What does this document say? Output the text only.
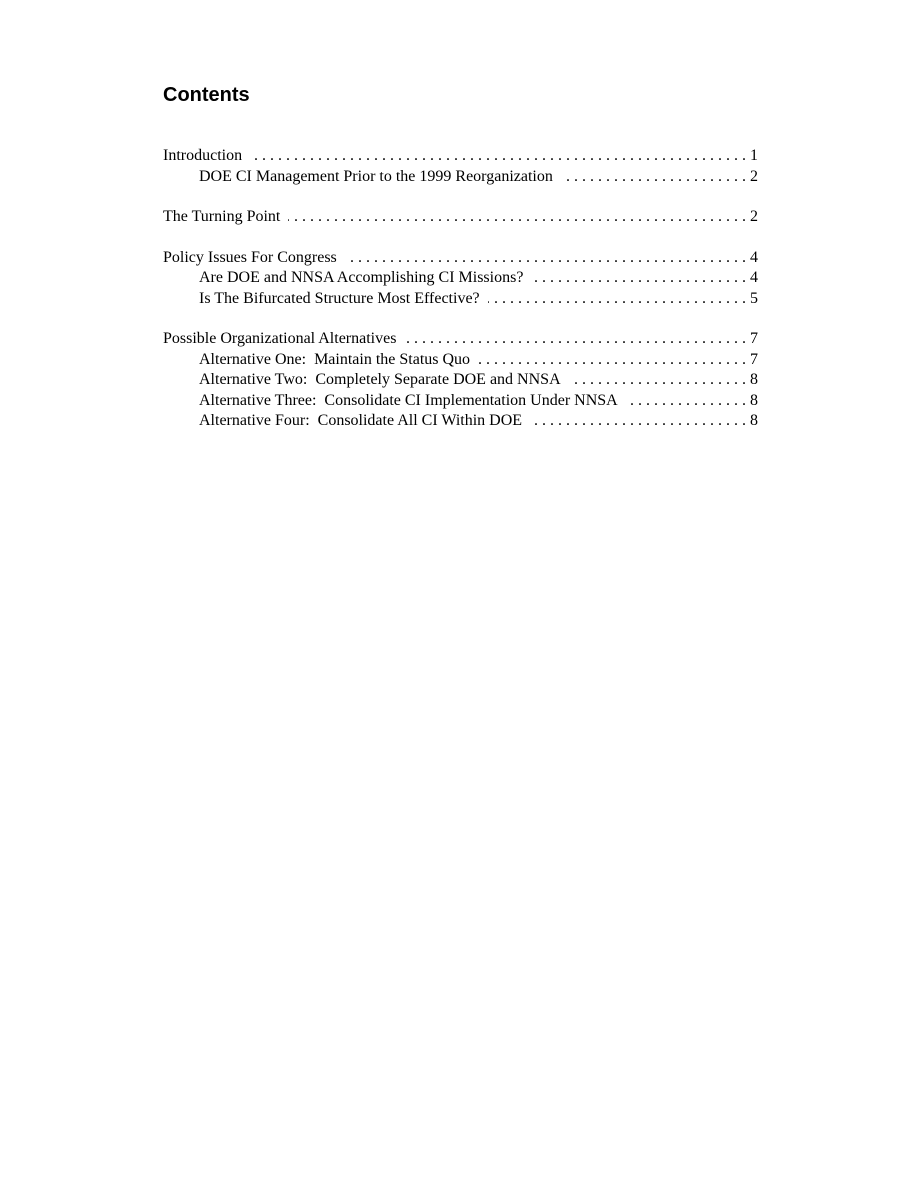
Contents
Introduction . . .	1
DOE CI Management Prior to the 1999 Reorganization . . .	2
The Turning Point . . .	2
Policy Issues For Congress . . .	4
Are DOE and NNSA Accomplishing CI Missions? . . .	4
Is The Bifurcated Structure Most Effective? . . .	5
Possible Organizational Alternatives . . .	7
Alternative One:  Maintain the Status Quo . . .	7
Alternative Two:  Completely Separate DOE and NNSA . . .	8
Alternative Three:  Consolidate CI Implementation Under NNSA . . .	8
Alternative Four:  Consolidate All CI Within DOE . . .	8
